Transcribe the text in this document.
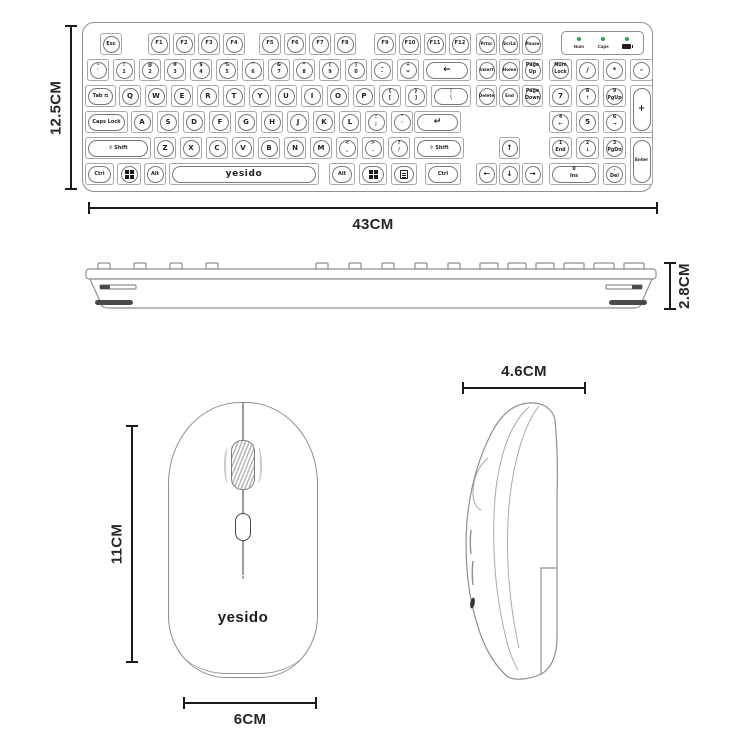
Num	Caps
Esc	F1	F2	F3	F4	F5	F6	F7	F8	F9	F10	F11	F12	Prtsc	ScrLk	Pause
~
`
!
1
@
2
#
3
$
4
%
5
^
6
&
7
*
8
(
9
)
0
_
-
+
=	←	Insert Home
Page
Up
Num
Lock	/	*	-
Tab ⇆	Q	W	E	R	T	Y	U	I	O	P	{
[
}
]
|
\
Delete	End
Page
Down	7	8
↑
9
PgUp
+
Caps Lock	A	S	D	F	G	H	J	K	L	:
;
"
'	↵	4
←	5	6
→
⇧ Shift	Z	X	C	V	B	N	M	<
,
>
.
?
/	⇧ Shift	↑	1
End
2
↓
3
PgDn
Enter
Ctrl	Alt	yesido	Alt	Ctrl	←	↓	→	0
Ins
.
Del
12.5CM
43CM
2.8CM
11CM
yesido
6CM
4.6CM
